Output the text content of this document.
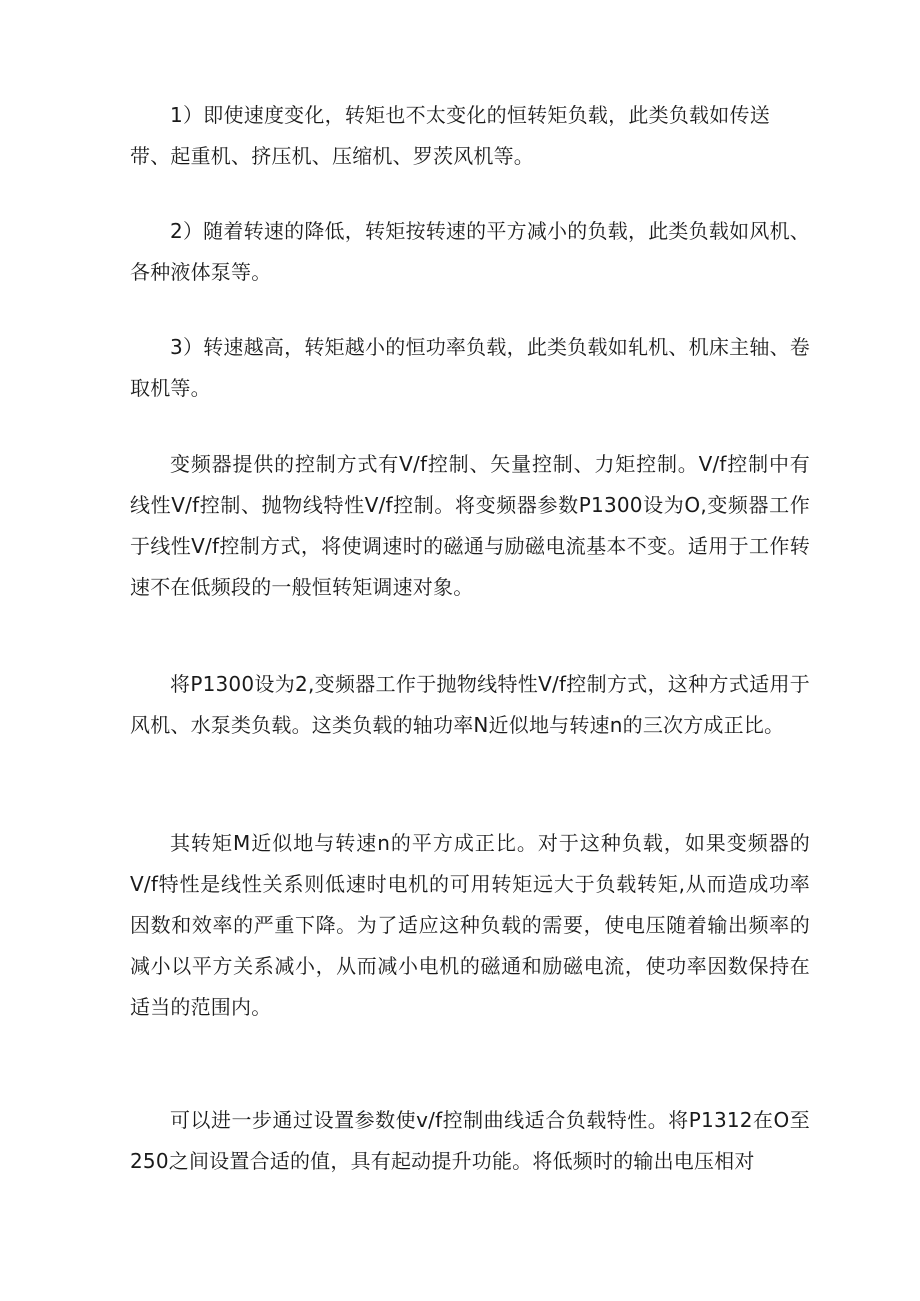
1）即使速度变化，转矩也不太变化的恒转矩负载，此类负载如传送带、起重机、挤压机、压缩机、罗茨风机等。

2）随着转速的降低，转矩按转速的平方减小的负载，此类负载如风机、各种液体泵等。

3）转速越高，转矩越小的恒功率负载，此类负载如轧机、机床主轴、卷取机等。

变频器提供的控制方式有V/f控制、矢量控制、力矩控制。V/f控制中有线性V/f控制、抛物线特性V/f控制。将变频器参数P1300设为O,变频器工作于线性V/f控制方式，将使调速时的磁通与励磁电流基本不变。适用于工作转速不在低频段的一般恒转矩调速对象。

将P1300设为2,变频器工作于抛物线特性V/f控制方式，这种方式适用于风机、水泵类负载。这类负载的轴功率N近似地与转速n的三次方成正比。

其转矩M近似地与转速n的平方成正比。对于这种负载，如果变频器的V/f特性是线性关系则低速时电机的可用转矩远大于负载转矩,从而造成功率因数和效率的严重下降。为了适应这种负载的需要，使电压随着输出频率的减小以平方关系减小，从而减小电机的磁通和励磁电流，使功率因数保持在适当的范围内。

可以进一步通过设置参数使v/f控制曲线适合负载特性。将P1312在O至250之间设置合适的值，具有起动提升功能。将低频时的输出电压相对
